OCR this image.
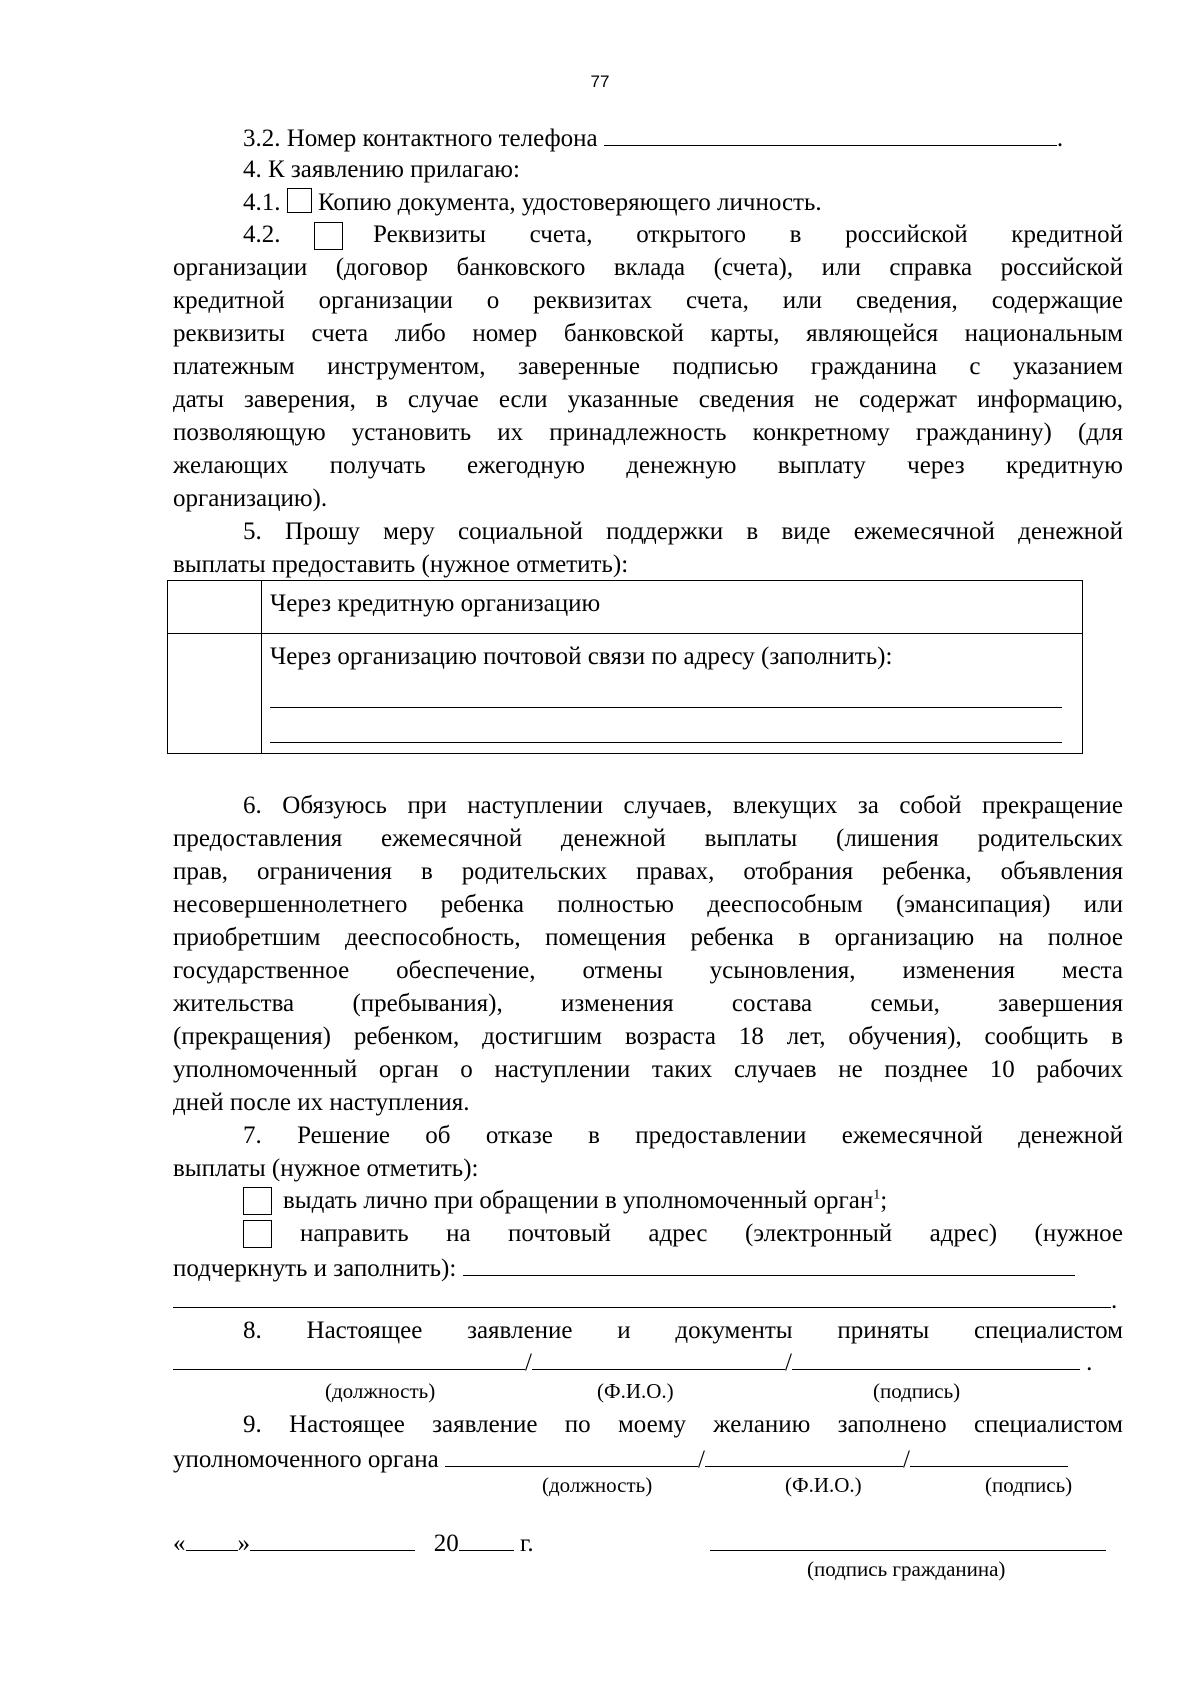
77
3.2. Номер контактного телефона	.
4. К заявлению прилагаю:
4.1. Копию документа, удостоверяющего личность.
4.2.	Реквизиты счета, открытого в российской кредитной
организации (договор банковского вклада (счета), или справка российской
кредитной организации о реквизитах счета, или сведения, содержащие
реквизиты счета либо номер банковской карты, являющейся национальным
платежным инструментом, заверенные подписью гражданина с указанием
даты заверения, в случае если указанные сведения не содержат информацию,
позволяющую установить их принадлежность конкретному гражданину) (для
желающих получать ежегодную денежную выплату через кредитную
организацию).
5. Прошу меру социальной поддержки в виде ежемесячной денежной
выплаты предоставить (нужное отметить):
	Через кредитную организацию

	Через организацию почтовой связи по адресу (заполнить):
6. Обязуюсь при наступлении случаев, влекущих за собой прекращение
предоставления ежемесячной денежной выплаты (лишения родительских
прав, ограничения в родительских правах, отобрания ребенка, объявления
несовершеннолетнего ребенка полностью дееспособным (эмансипация) или
приобретшим дееспособность, помещения ребенка в организацию на полное
государственное обеспечение, отмены усыновления, изменения места
жительства (пребывания), изменения состава семьи, завершения
(прекращения) ребенком, достигшим возраста 18 лет, обучения), сообщить в
уполномоченный орган о наступлении таких случаев не позднее 10 рабочих
дней после их наступления.
7. Решение об отказе в предоставлении ежемесячной денежной
выплаты (нужное отметить):
выдать лично при обращении в уполномоченный орган$^1$;
направить на почтовый адрес (электронный адрес) (нужное
подчеркнуть и заполнить):
.
8. Настоящее заявление и документы приняты специалистом
/	/	.
(должность)	(Ф.И.О.)	(подпись)
9. Настоящее заявление по моему желанию заполнено специалистом
уполномоченного органа	/	/
(должность)	(Ф.И.О.)	(подпись)
« »	20 г.
(подпись гражданина)
